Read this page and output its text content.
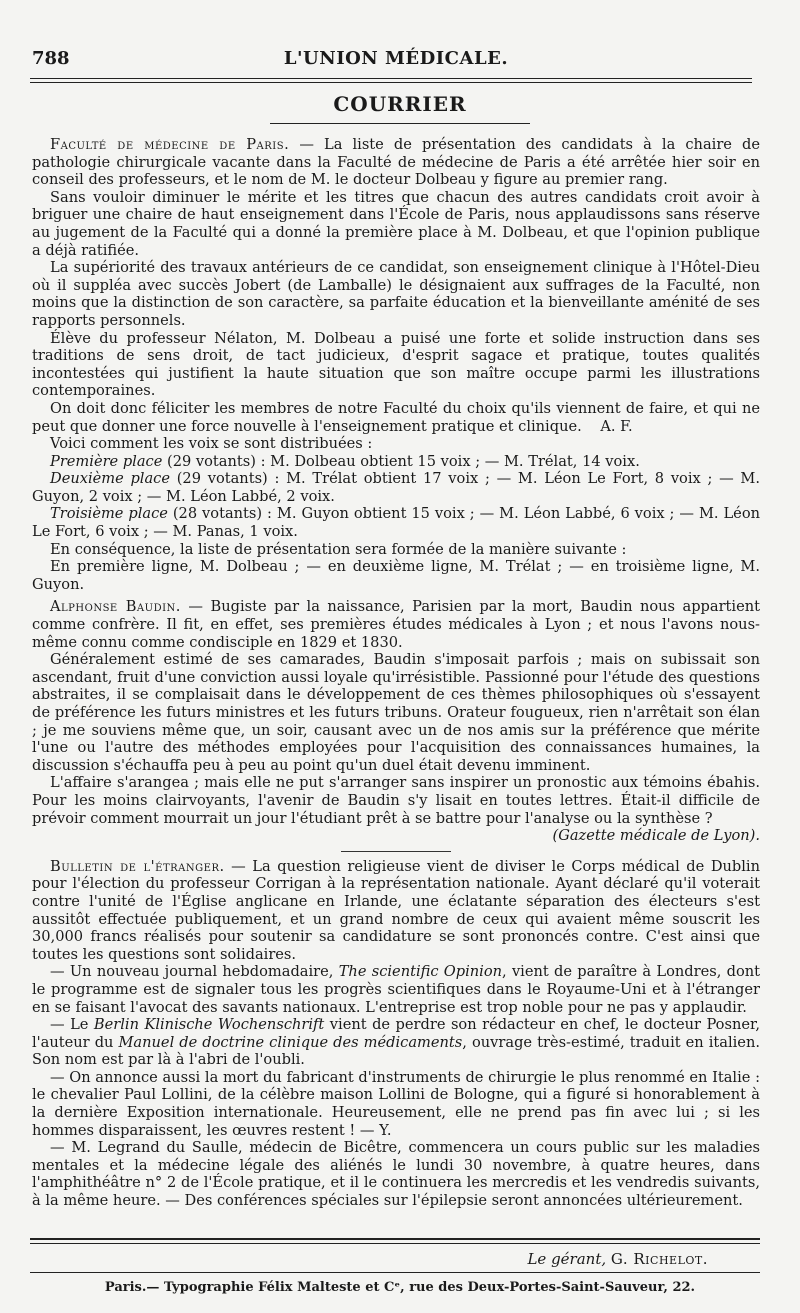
788	L'UNION MÉDICALE.
COURRIER

Faculté de médecine de Paris. — La liste de présentation des candidats à la chaire de pathologie chirurgicale vacante dans la Faculté de médecine de Paris a été arrêtée hier soir en conseil des professeurs, et le nom de M. le docteur Dolbeau y figure au premier rang.

Sans vouloir diminuer le mérite et les titres que chacun des autres candidats croit avoir à briguer une chaire de haut enseignement dans l'École de Paris, nous applaudissons sans réserve au jugement de la Faculté qui a donné la première place à M. Dolbeau, et que l'opinion publique a déjà ratifiée.

La supériorité des travaux antérieurs de ce candidat, son enseignement clinique à l'Hôtel-Dieu où il suppléa avec succès Jobert (de Lamballe) le désignaient aux suffrages de la Faculté, non moins que la distinction de son caractère, sa parfaite éducation et la bienveillante aménité de ses rapports personnels.

Élève du professeur Nélaton, M. Dolbeau a puisé une forte et solide instruction dans ses traditions de sens droit, de tact judicieux, d'esprit sagace et pratique, toutes qualités incontestées qui justifient la haute situation que son maître occupe parmi les illustrations contemporaines.

On doit donc féliciter les membres de notre Faculté du choix qu'ils viennent de faire, et qui ne peut que donner une force nouvelle à l'enseignement pratique et clinique. A. F.

Voici comment les voix se sont distribuées :

Première place (29 votants) : M. Dolbeau obtient 15 voix ; — M. Trélat, 14 voix.

Deuxième place (29 votants) : M. Trélat obtient 17 voix ; — M. Léon Le Fort, 8 voix ; — M. Guyon, 2 voix ; — M. Léon Labbé, 2 voix.

Troisième place (28 votants) : M. Guyon obtient 15 voix ; — M. Léon Labbé, 6 voix ; — M. Léon Le Fort, 6 voix ; — M. Panas, 1 voix.

En conséquence, la liste de présentation sera formée de la manière suivante :

En première ligne, M. Dolbeau ; — en deuxième ligne, M. Trélat ; — en troisième ligne, M. Guyon.

Alphonse Baudin. — Bugiste par la naissance, Parisien par la mort, Baudin nous appartient comme confrère. Il fit, en effet, ses premières études médicales à Lyon ; et nous l'avons nous-même connu comme condisciple en 1829 et 1830.

Généralement estimé de ses camarades, Baudin s'imposait parfois ; mais on subissait son ascendant, fruit d'une conviction aussi loyale qu'irrésistible. Passionné pour l'étude des questions abstraites, il se complaisait dans le développement de ces thèmes philosophiques où s'essayent de préférence les futurs ministres et les futurs tribuns. Orateur fougueux, rien n'arrêtait son élan ; je me souviens même que, un soir, causant avec un de nos amis sur la préférence que mérite l'une ou l'autre des méthodes employées pour l'acquisition des connaissances humaines, la discussion s'échauffa peu à peu au point qu'un duel était devenu imminent.

L'affaire s'arangea ; mais elle ne put s'arranger sans inspirer un pronostic aux témoins ébahis. Pour les moins clairvoyants, l'avenir de Baudin s'y lisait en toutes lettres. Était-il difficile de prévoir comment mourrait un jour l'étudiant prêt à se battre pour l'analyse ou la synthèse ?

(Gazette médicale de Lyon).

Bulletin de l'étranger. — La question religieuse vient de diviser le Corps médical de Dublin pour l'élection du professeur Corrigan à la représentation nationale. Ayant déclaré qu'il voterait contre l'unité de l'Église anglicane en Irlande, une éclatante séparation des électeurs s'est aussitôt effectuée publiquement, et un grand nombre de ceux qui avaient même souscrit les 30,000 francs réalisés pour soutenir sa candidature se sont prononcés contre. C'est ainsi que toutes les questions sont solidaires.

— Un nouveau journal hebdomadaire, The scientific Opinion, vient de paraître à Londres, dont le programme est de signaler tous les progrès scientifiques dans le Royaume-Uni et à l'étranger en se faisant l'avocat des savants nationaux. L'entreprise est trop noble pour ne pas y applaudir.

— Le Berlin Klinische Wochenschrift vient de perdre son rédacteur en chef, le docteur Posner, l'auteur du Manuel de doctrine clinique des médicaments, ouvrage très-estimé, traduit en italien. Son nom est par là à l'abri de l'oubli.

— On annonce aussi la mort du fabricant d'instruments de chirurgie le plus renommé en Italie : le chevalier Paul Lollini, de la célèbre maison Lollini de Bologne, qui a figuré si honorablement à la dernière Exposition internationale. Heureusement, elle ne prend pas fin avec lui ; si les hommes disparaissent, les œuvres restent ! — Y.

— M. Legrand du Saulle, médecin de Bicêtre, commencera un cours public sur les maladies mentales et la médecine légale des aliénés le lundi 30 novembre, à quatre heures, dans l'amphithéâtre n° 2 de l'École pratique, et il le continuera les mercredis et les vendredis suivants, à la même heure. — Des conférences spéciales sur l'épilepsie seront annoncées ultérieurement.

Le gérant, G. Richelot.
Paris.— Typographie Félix Malteste et Cᵉ, rue des Deux-Portes-Saint-Sauveur, 22.
